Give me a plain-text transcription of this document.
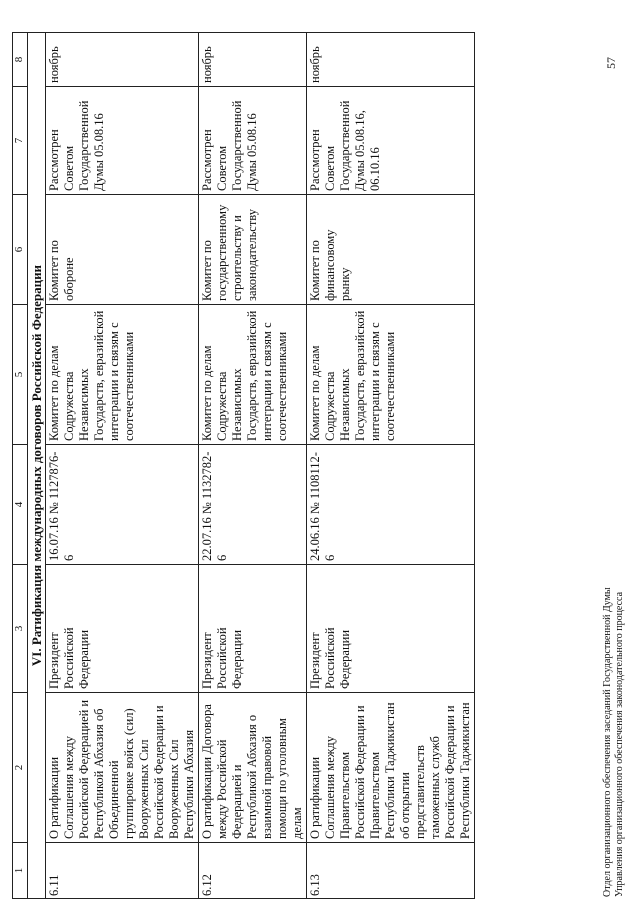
1	2	3	4	5	6	7	8
VI. Ратификация международных договоров Российской Федерации							
6.11	О ратификации Соглашения между Российской Федерацией и Республикой Абхазия об Объединенной группировке войск (сил) Вооруженных Сил Российской Федерации и Вооруженных Сил Республики Абхазия	Президент Российской Федерации	16.07.16 № 1127876-6	Комитет по делам Содружества Независимых Государств, евразийской интеграции и связям с соотечественниками	Комитет по обороне	Рассмотрен Советом Государственной Думы 05.08.16	ноябрь
6.12	О ратификации Договора между Российской Федерацией и Республикой Абхазия о взаимной правовой помощи по уголовным делам	Президент Российской Федерации	22.07.16 № 1132782-6	Комитет по делам Содружества Независимых Государств, евразийской интеграции и связям с соотечественниками	Комитет по государственному строительству и законодательству	Рассмотрен Советом Государственной Думы 05.08.16	ноябрь
6.13	О ратификации Соглашения между Правительством Российской Федерации и Правительством Республики Таджикистан об открытии представительств таможенных служб Российской Федерации и Республики Таджикистан	Президент Российской Федерации	24.06.16 № 1108112-6	Комитет по делам Содружества Независимых Государств, евразийской интеграции и связям с соотечественниками	Комитет по финансовому рынку	Рассмотрен Советом Государственной Думы 05.08.16, 06.10.16	ноябрь
Отдел организационного обеспечения заседаний Государственной Думы Управления организационного обеспечения законодательного процесса
57
